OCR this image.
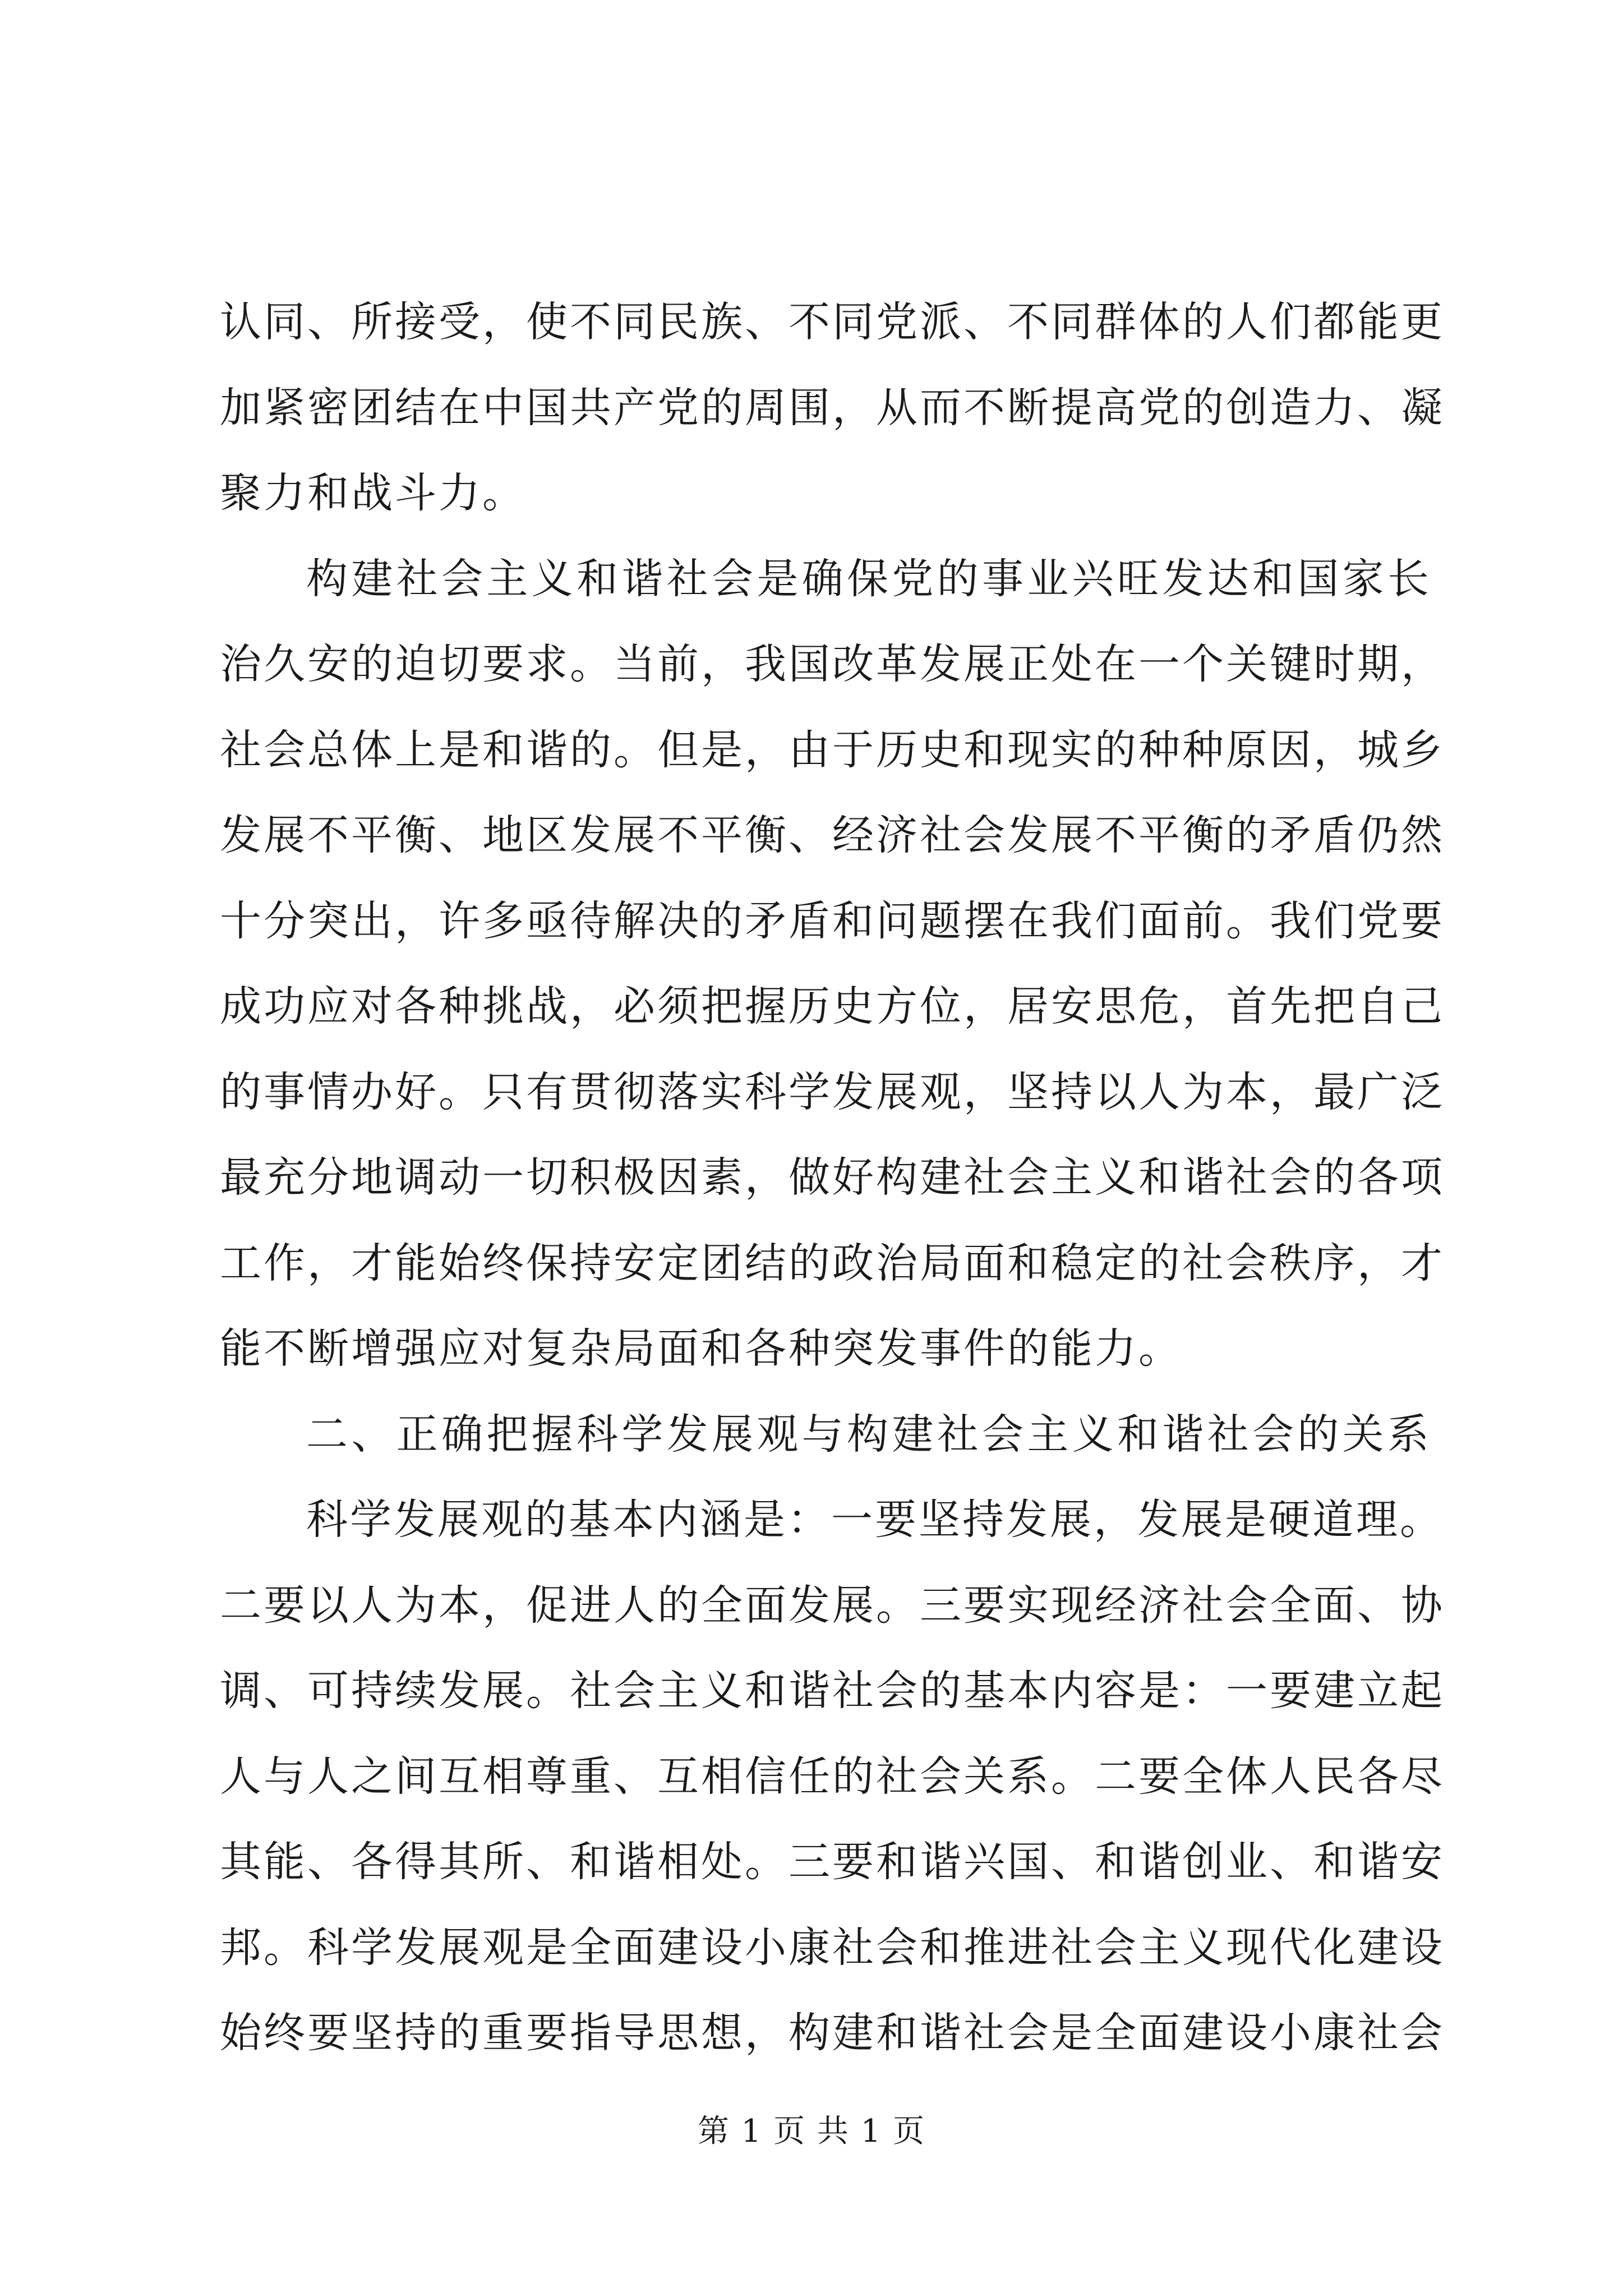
认同、所接受，使不同民族、不同党派、不同群体的人们都能更
加紧密团结在中国共产党的周围，从而不断提高党的创造力、凝
聚力和战斗力。
构建社会主义和谐社会是确保党的事业兴旺发达和国家长
治久安的迫切要求。当前，我国改革发展正处在一个关键时期，
社会总体上是和谐的。但是，由于历史和现实的种种原因，城乡
发展不平衡、地区发展不平衡、经济社会发展不平衡的矛盾仍然
十分突出，许多亟待解决的矛盾和问题摆在我们面前。我们党要
成功应对各种挑战，必须把握历史方位，居安思危，首先把自己
的事情办好。只有贯彻落实科学发展观，坚持以人为本，最广泛
最充分地调动一切积极因素，做好构建社会主义和谐社会的各项
工作，才能始终保持安定团结的政治局面和稳定的社会秩序，才
能不断增强应对复杂局面和各种突发事件的能力。
二、正确把握科学发展观与构建社会主义和谐社会的关系
科学发展观的基本内涵是：一要坚持发展，发展是硬道理。
二要以人为本，促进人的全面发展。三要实现经济社会全面、协
调、可持续发展。社会主义和谐社会的基本内容是：一要建立起
人与人之间互相尊重、互相信任的社会关系。二要全体人民各尽
其能、各得其所、和谐相处。三要和谐兴国、和谐创业、和谐安
邦。科学发展观是全面建设小康社会和推进社会主义现代化建设
始终要坚持的重要指导思想，构建和谐社会是全面建设小康社会
第 1 页 共 1 页
